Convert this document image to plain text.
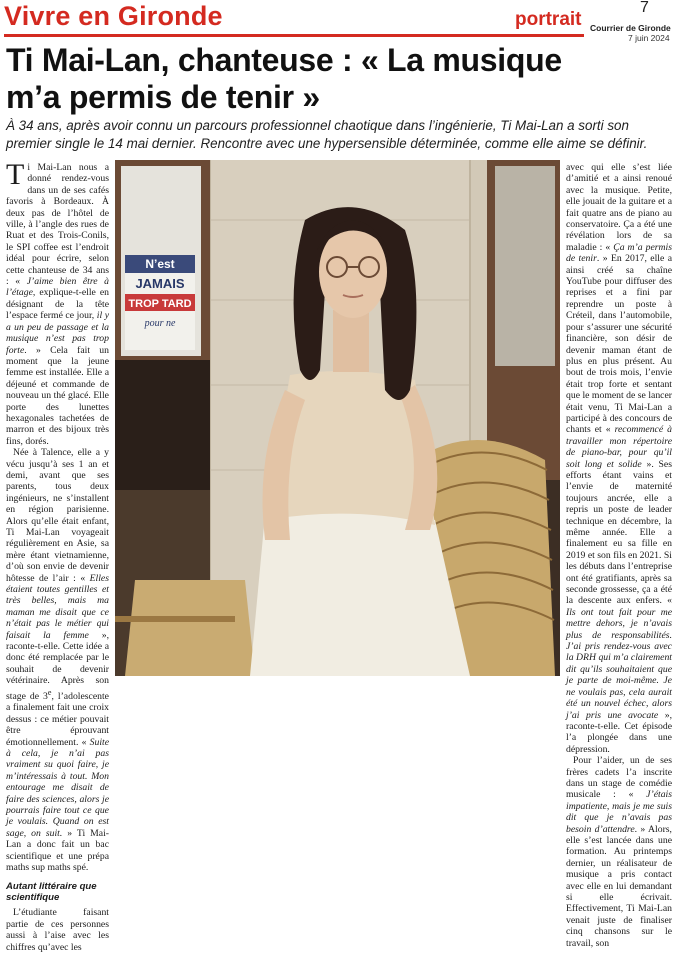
Vivre en Gironde	portrait
7
Courrier de Gironde
7 juin 2024
Ti Mai-Lan, chanteuse : « La musique
m’a permis de tenir »

À 34 ans, après avoir connu un parcours professionnel chaotique dans l’ingénierie, Ti Mai-Lan a sorti son premier single le 14 mai dernier. Rencontre avec une hypersensible déterminée, comme elle aime se définir.

Ti Mai-Lan nous a donné rendez-vous dans un de ses cafés favoris à Bordeaux. À deux pas de l’hôtel de ville, à l’angle des rues de Ruat et des Trois-Conils, le SPI coffee est l’endroit idéal pour écrire, selon cette chanteuse de 34 ans : « J’aime bien être à l’étage, explique-t-elle en désignant de la tête l’espace fermé ce jour, il y a un peu de passage et la musique n’est pas trop forte. » Cela fait un moment que la jeune femme est installée. Elle a déjeuné et commande de nouveau un thé glacé. Elle porte des lunettes hexagonales tachetées de marron et des bijoux très fins, dorés.

Née à Talence, elle a y vécu jusqu’à ses 1 an et demi, avant que ses parents, tous deux ingénieurs, ne s’installent en région parisienne. Alors qu’elle était enfant, Ti Mai-Lan voyageait régulièrement en Asie, sa mère étant vietnamienne, d’où son envie de devenir hôtesse de l’air : « Elles étaient toutes gentilles et très belles, mais ma maman me disait que ce n’était pas le métier qui faisait la femme », raconte-t-elle. Cette idée a donc été remplacée par le souhait de devenir vétérinaire. Après son stage de 3e, l’adolescente a finalement fait une croix dessus : ce métier pouvait être éprouvant émotionnellement. « Suite à cela, je n’ai pas vraiment su quoi faire, je m’intéressais à tout. Mon entourage me disait de faire des sciences, alors je pourrais faire tout ce que je voulais. Quand on est sage, on suit. » Ti Mai-Lan a donc fait un bac scientifique et une prépa maths sup maths spé.

Autant littéraire que scientifique

L’étudiante faisant partie de ces personnes aussi à l’aise avec les chiffres qu’avec les

N’est
JAMAIS
TROP TARD
pour ne

avec qui elle s’est liée d’amitié et a ainsi renoué avec la musique. Petite, elle jouait de la guitare et a fait quatre ans de piano au conservatoire. Ça a été une révélation lors de sa maladie : « Ça m’a permis de tenir. » En 2017, elle a ainsi créé sa chaîne YouTube pour diffuser des reprises et a fini par reprendre un poste à Créteil, dans l’automobile, pour s’assurer une sécurité financière, son désir de devenir maman étant de plus en plus présent. Au bout de trois mois, l’envie était trop forte et sentant que le moment de se lancer était venu, Ti Mai-Lan a participé à des concours de chants et « recommencé à travailler mon répertoire de piano-bar, pour qu’il soit long et solide ». Ses efforts étant vains et l’envie de maternité toujours ancrée, elle a repris un poste de leader technique en décembre, la même année. Elle a finalement eu sa fille en 2019 et son fils en 2021. Si les débuts dans l’entreprise ont été gratifiants, après sa seconde grossesse, ça a été la descente aux enfers. « Ils ont tout fait pour me mettre dehors, je n’avais plus de responsabilités. J’ai pris rendez-vous avec la DRH qui m’a clairement dit qu’ils souhaitaient que je parte de moi-même. Je ne voulais pas, cela aurait été un nouvel échec, alors j’ai pris une avocate », raconte-t-elle. Cet épisode l’a plongée dans une dépression.

Pour l’aider, un de ses frères cadets l’a inscrite dans un stage de comédie musicale : « J’étais impatiente, mais je me suis dit que je n’avais pas besoin d’attendre. » Alors, elle s’est lancée dans une formation. Au printemps dernier, un réalisateur de musique a pris contact avec elle en lui demandant si elle écrivait. Effectivement, Ti Mai-Lan venait juste de finaliser cinq chansons sur le travail, son
